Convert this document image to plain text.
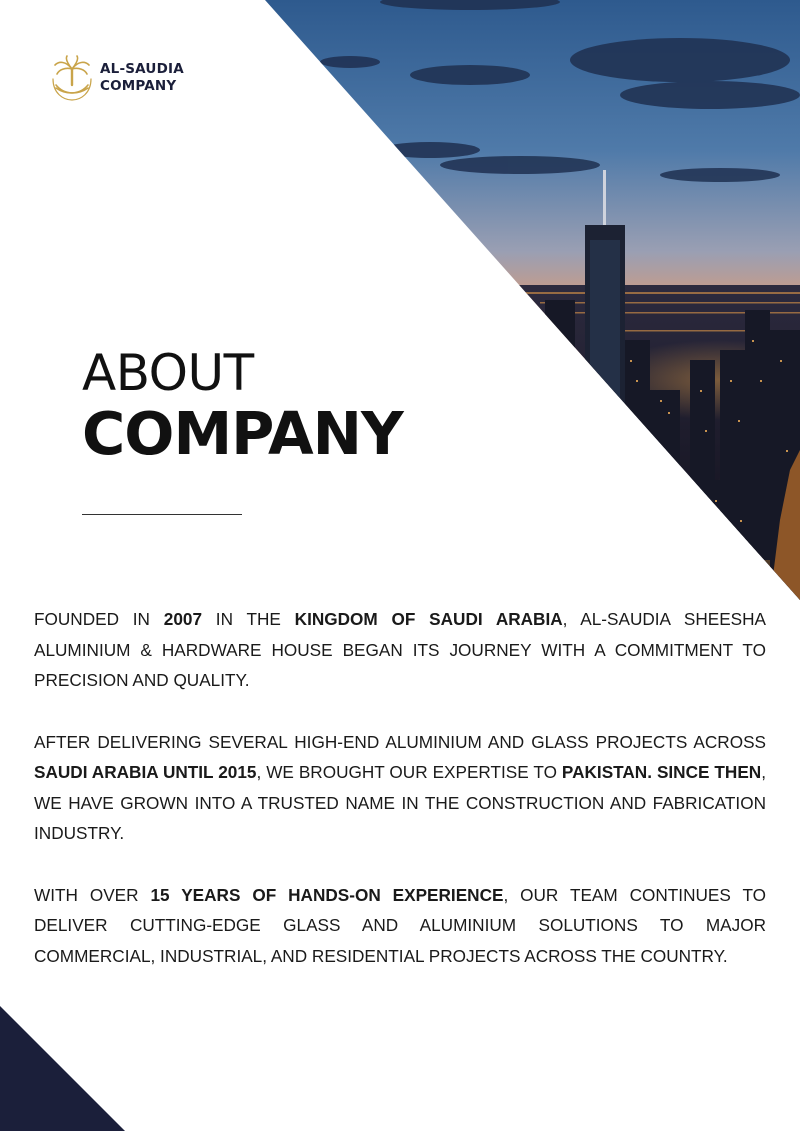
AL-SAUDIA
COMPANY
ABOUT
COMPANY

FOUNDED IN 2007 IN THE KINGDOM OF SAUDI ARABIA, AL-SAUDIA SHEESHA ALUMINIUM & HARDWARE HOUSE BEGAN ITS JOURNEY WITH A COMMITMENT TO PRECISION AND QUALITY.

AFTER DELIVERING SEVERAL HIGH-END ALUMINIUM AND GLASS PROJECTS ACROSS SAUDI ARABIA UNTIL 2015, WE BROUGHT OUR EXPERTISE TO PAKISTAN. SINCE THEN, WE HAVE GROWN INTO A TRUSTED NAME IN THE CONSTRUCTION AND FABRICATION INDUSTRY.

WITH OVER 15 YEARS OF HANDS-ON EXPERIENCE, OUR TEAM CONTINUES TO DELIVER CUTTING-EDGE GLASS AND ALUMINIUM SOLUTIONS TO MAJOR COMMERCIAL, INDUSTRIAL, AND RESIDENTIAL PROJECTS ACROSS THE COUNTRY.
